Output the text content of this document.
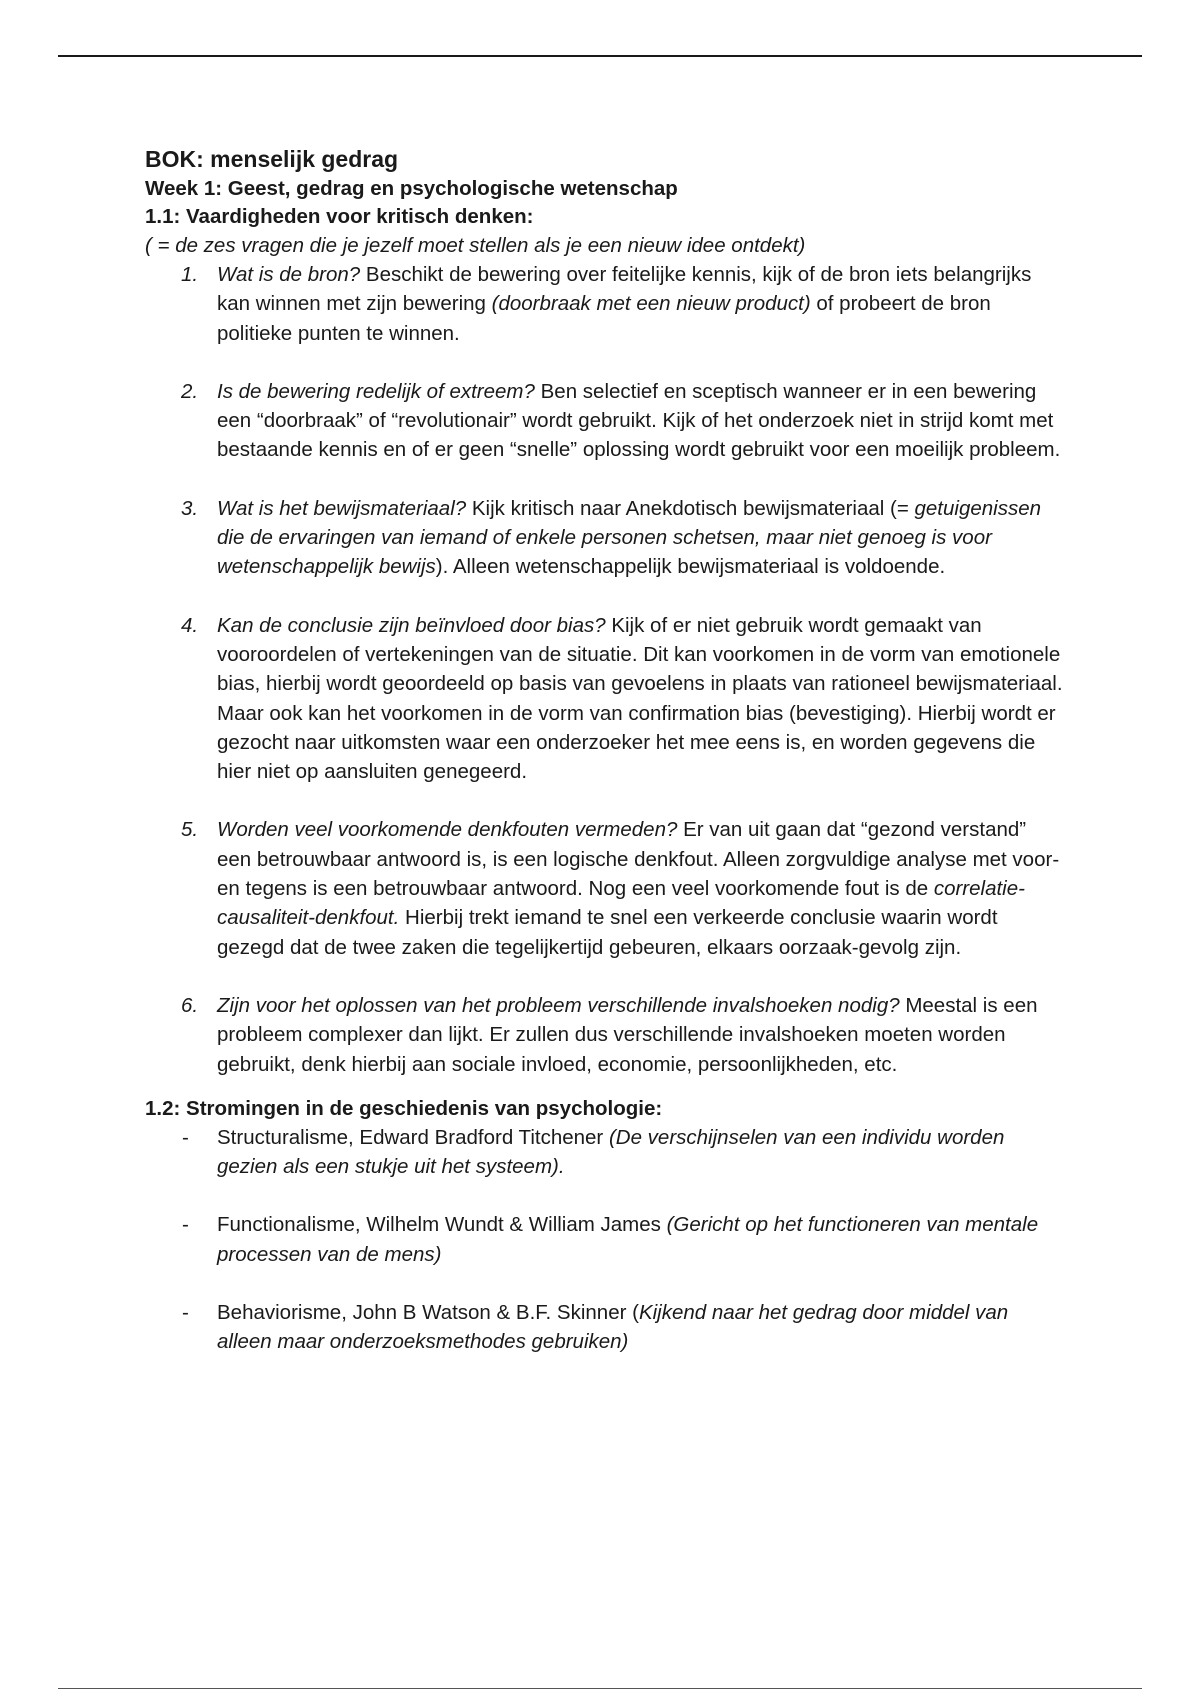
BOK: menselijk gedrag
Week 1: Geest, gedrag en psychologische wetenschap
1.1: Vaardigheden voor kritisch denken:

( = de zes vragen die je jezelf moet stellen als je een nieuw idee ontdekt)

1. Wat is de bron? Beschikt de bewering over feitelijke kennis, kijk of de bron iets belangrijks kan winnen met zijn bewering (doorbraak met een nieuw product) of probeert de bron politieke punten te winnen.
2. Is de bewering redelijk of extreem? Ben selectief en sceptisch wanneer er in een bewering een “doorbraak” of “revolutionair” wordt gebruikt. Kijk of het onderzoek niet in strijd komt met bestaande kennis en of er geen “snelle” oplossing wordt gebruikt voor een moeilijk probleem.
3. Wat is het bewijsmateriaal? Kijk kritisch naar Anekdotisch bewijsmateriaal (= getuigenissen die de ervaringen van iemand of enkele personen schetsen, maar niet genoeg is voor wetenschappelijk bewijs). Alleen wetenschappelijk bewijsmateriaal is voldoende.
4. Kan de conclusie zijn beïnvloed door bias? Kijk of er niet gebruik wordt gemaakt van vooroordelen of vertekeningen van de situatie. Dit kan voorkomen in de vorm van emotionele bias, hierbij wordt geoordeeld op basis van gevoelens in plaats van rationeel bewijsmateriaal. Maar ook kan het voorkomen in de vorm van confirmation bias (bevestiging). Hierbij wordt er gezocht naar uitkomsten waar een onderzoeker het mee eens is, en worden gegevens die hier niet op aansluiten genegeerd.
5. Worden veel voorkomende denkfouten vermeden? Er van uit gaan dat “gezond verstand” een betrouwbaar antwoord is, is een logische denkfout. Alleen zorgvuldige analyse met voor- en tegens is een betrouwbaar antwoord. Nog een veel voorkomende fout is de correlatie-causaliteit-denkfout. Hierbij trekt iemand te snel een verkeerde conclusie waarin wordt gezegd dat de twee zaken die tegelijkertijd gebeuren, elkaars oorzaak-gevolg zijn.
6. Zijn voor het oplossen van het probleem verschillende invalshoeken nodig? Meestal is een probleem complexer dan lijkt. Er zullen dus verschillende invalshoeken moeten worden gebruikt, denk hierbij aan sociale invloed, economie, persoonlijkheden, etc.
1.2: Stromingen in de geschiedenis van psychologie:
- Structuralisme, Edward Bradford Titchener (De verschijnselen van een individu worden gezien als een stukje uit het systeem).
- Functionalisme, Wilhelm Wundt & William James (Gericht op het functioneren van mentale processen van de mens)
- Behaviorisme, John B Watson & B.F. Skinner (Kijkend naar het gedrag door middel van alleen maar onderzoeksmethodes gebruiken)
